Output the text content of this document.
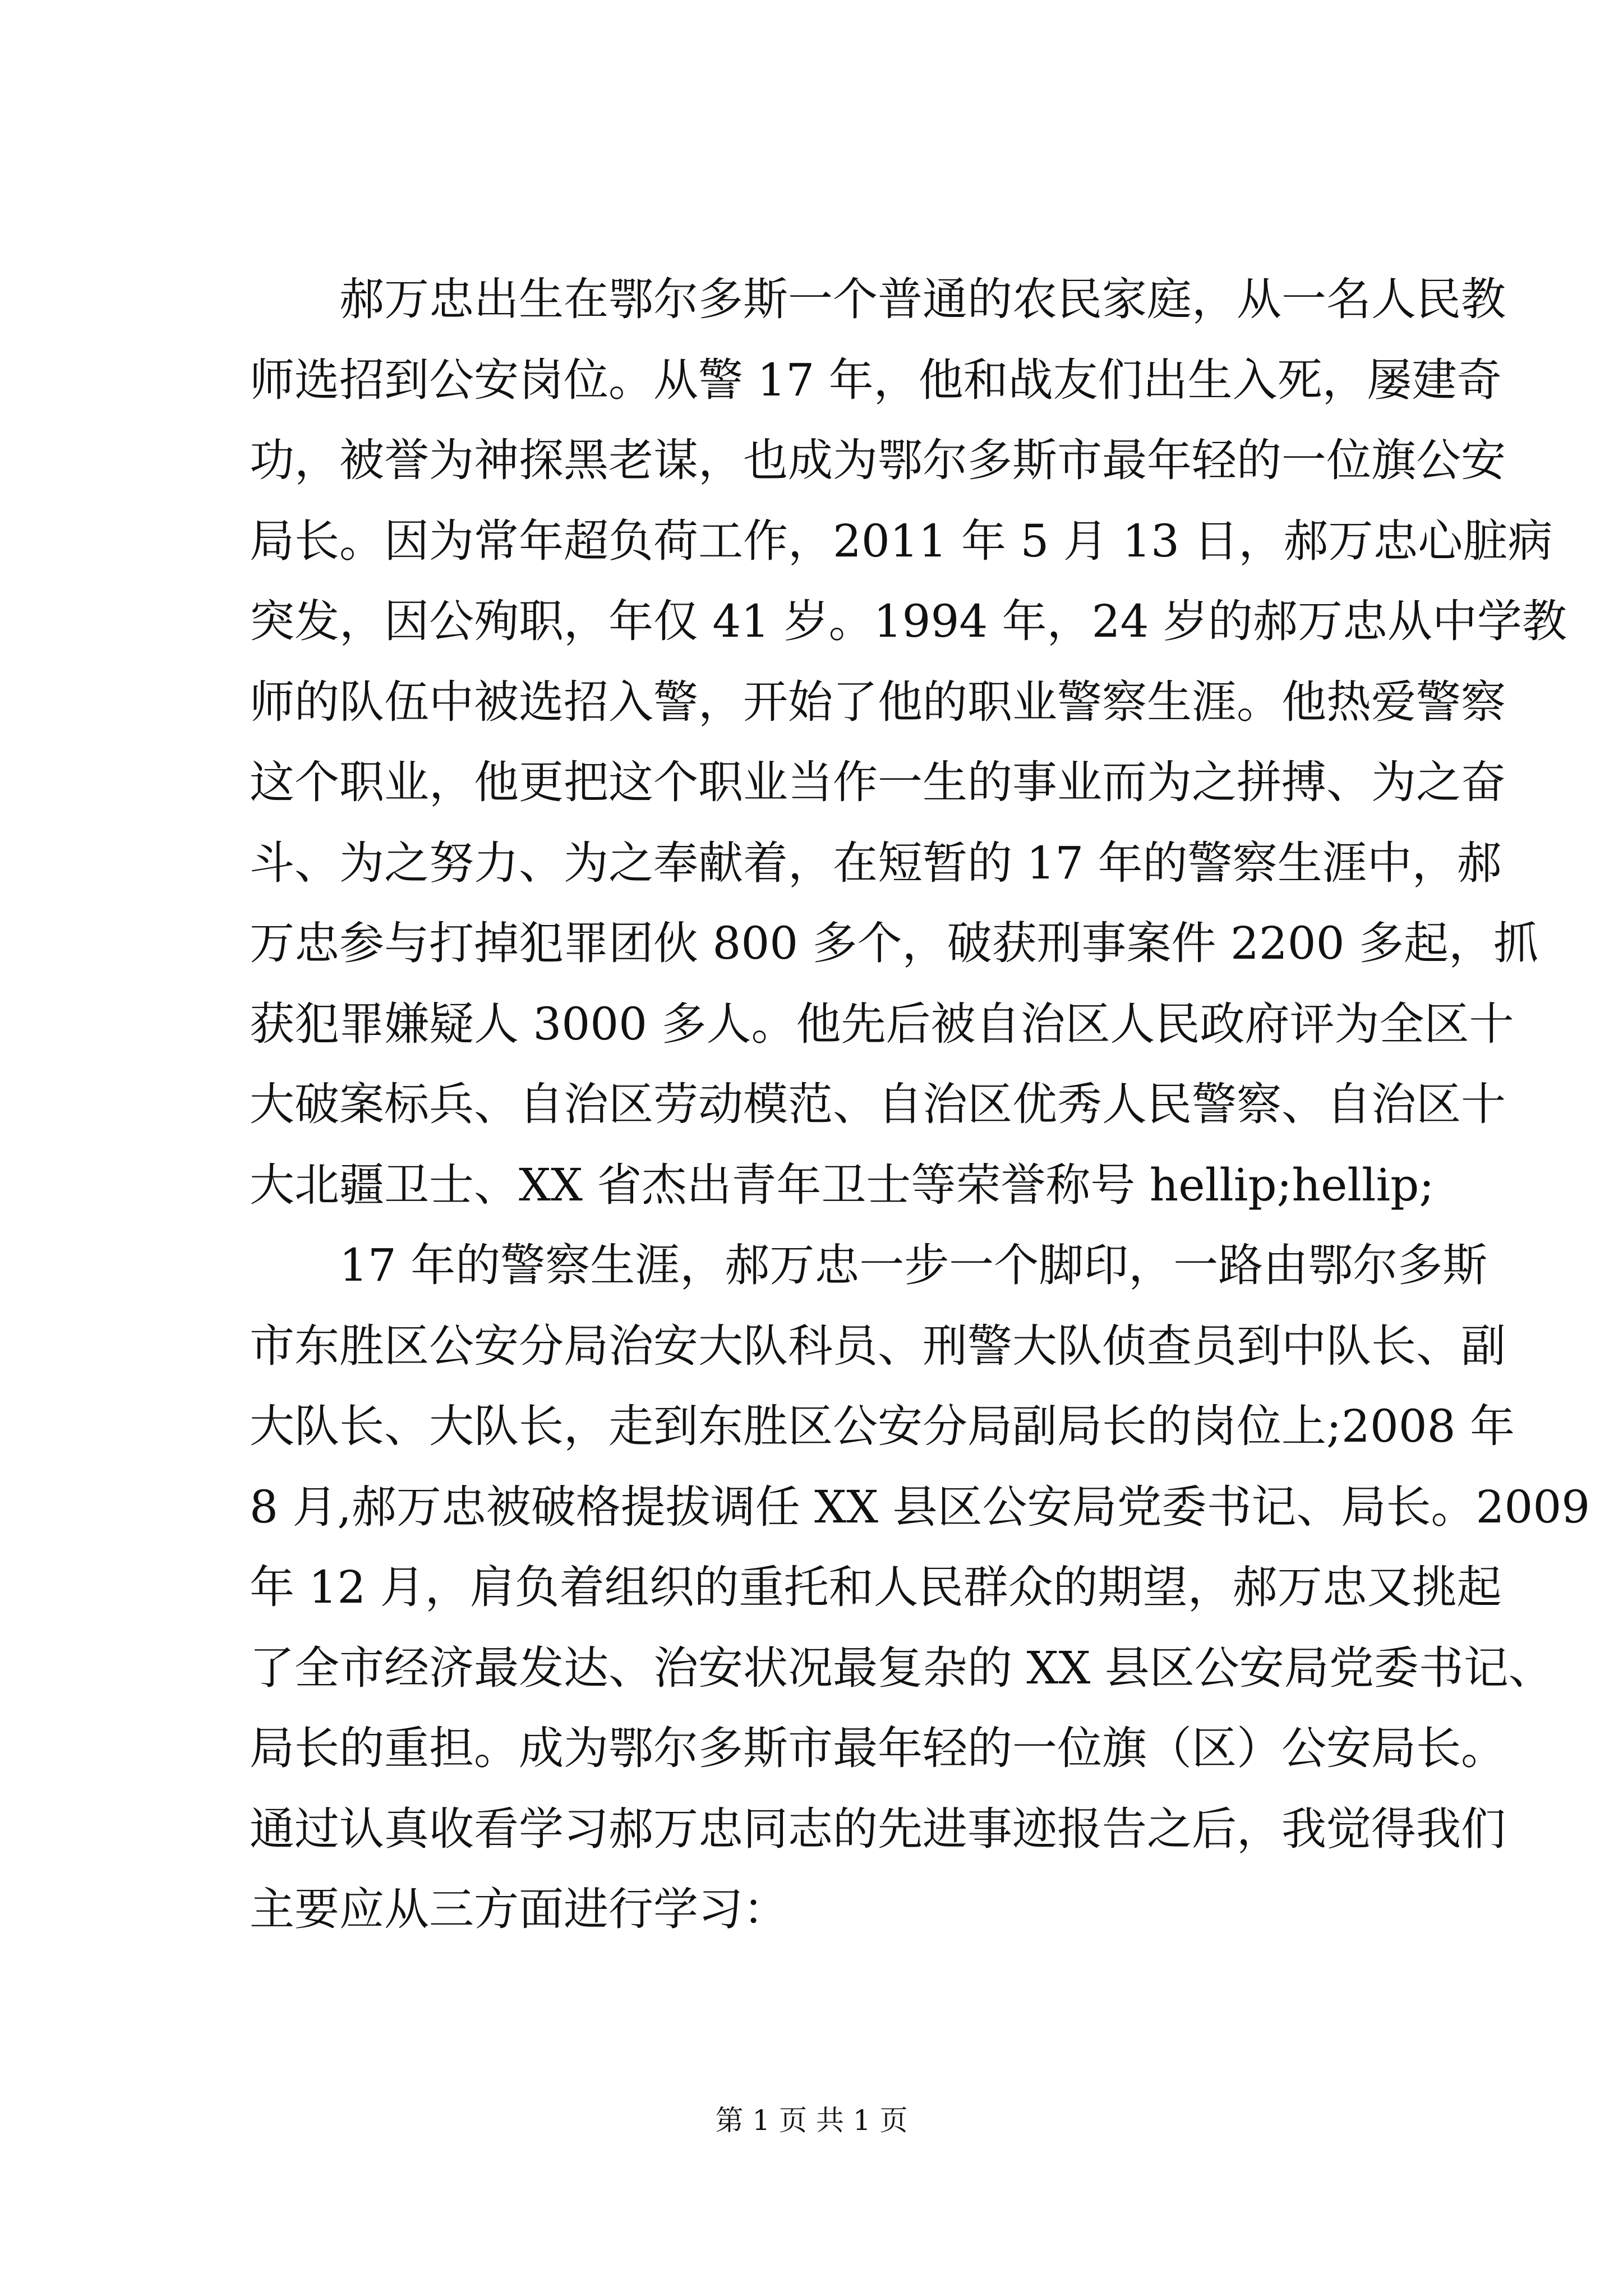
　　郝万忠出生在鄂尔多斯一个普通的农民家庭，从一名人民教
师选招到公安岗位。从警 17 年，他和战友们出生入死，屡建奇
功，被誉为神探黑老谋，也成为鄂尔多斯市最年轻的一位旗公安
局长。因为常年超负荷工作，2011 年 5 月 13 日，郝万忠心脏病
突发，因公殉职，年仅 41 岁。1994 年，24 岁的郝万忠从中学教
师的队伍中被选招入警，开始了他的职业警察生涯。他热爱警察
这个职业，他更把这个职业当作一生的事业而为之拼搏、为之奋
斗、为之努力、为之奉献着，在短暂的 17 年的警察生涯中，郝
万忠参与打掉犯罪团伙 800 多个，破获刑事案件 2200 多起，抓
获犯罪嫌疑人 3000 多人。他先后被自治区人民政府评为全区十
大破案标兵、自治区劳动模范、自治区优秀人民警察、自治区十
大北疆卫士、XX 省杰出青年卫士等荣誉称号 hellip;hellip;
　　17 年的警察生涯，郝万忠一步一个脚印，一路由鄂尔多斯
市东胜区公安分局治安大队科员、刑警大队侦查员到中队长、副
大队长、大队长，走到东胜区公安分局副局长的岗位上;2008 年
8 月,郝万忠被破格提拔调任 XX 县区公安局党委书记、局长。2009
年 12 月，肩负着组织的重托和人民群众的期望，郝万忠又挑起
了全市经济最发达、治安状况最复杂的 XX 县区公安局党委书记、
局长的重担。成为鄂尔多斯市最年轻的一位旗（区）公安局长。
通过认真收看学习郝万忠同志的先进事迹报告之后，我觉得我们
主要应从三方面进行学习：
第 1 页 共 1 页
